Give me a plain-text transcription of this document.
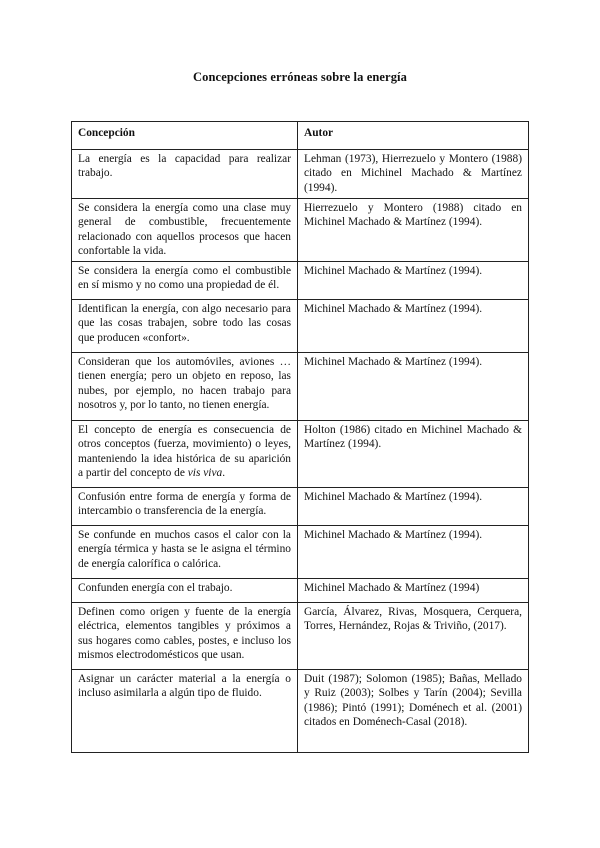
Concepciones erróneas sobre la energía
Concepción	Autor
La energía es la capacidad para realizar trabajo.	Lehman (1973), Hierrezuelo y Montero (1988) citado en Michinel Machado & Martínez (1994).
Se considera la energía como una clase muy general de combustible, frecuentemente relacionado con aquellos procesos que hacen confortable la vida.	Hierrezuelo y Montero (1988) citado en Michinel Machado & Martínez (1994).
Se considera la energía como el combustible en sí mismo y no como una propiedad de él.	Michinel Machado & Martínez (1994).
Identifican la energía, con algo necesario para que las cosas trabajen, sobre todo las cosas que producen «confort».	Michinel Machado & Martínez (1994).
Consideran que los automóviles, aviones … tienen energía; pero un objeto en reposo, las nubes, por ejemplo, no hacen trabajo para nosotros y, por lo tanto, no tienen energía.	Michinel Machado & Martínez (1994).
El concepto de energía es consecuencia de otros conceptos (fuerza, movimiento) o leyes, manteniendo la idea histórica de su aparición a partir del concepto de vis viva.	Holton (1986) citado en Michinel Machado & Martínez (1994).
Confusión entre forma de energía y forma de intercambio o transferencia de la energía.	Michinel Machado & Martínez (1994).
Se confunde en muchos casos el calor con la energía térmica y hasta se le asigna el término de energía calorífica o calórica.	Michinel Machado & Martínez (1994).
Confunden energía con el trabajo.	Michinel Machado & Martínez (1994)
Definen como origen y fuente de la energía eléctrica, elementos tangibles y próximos a sus hogares como cables, postes, e incluso los mismos electrodomésticos que usan.	García, Álvarez, Rivas, Mosquera, Cerquera, Torres, Hernández, Rojas & Triviño, (2017).
Asignar un carácter material a la energía o incluso asimilarla a algún tipo de fluido.	Duit (1987); Solomon (1985); Bañas, Mellado y Ruiz (2003); Solbes y Tarín (2004); Sevilla (1986); Pintó (1991); Doménech et al. (2001) citados en Doménech-Casal (2018).
